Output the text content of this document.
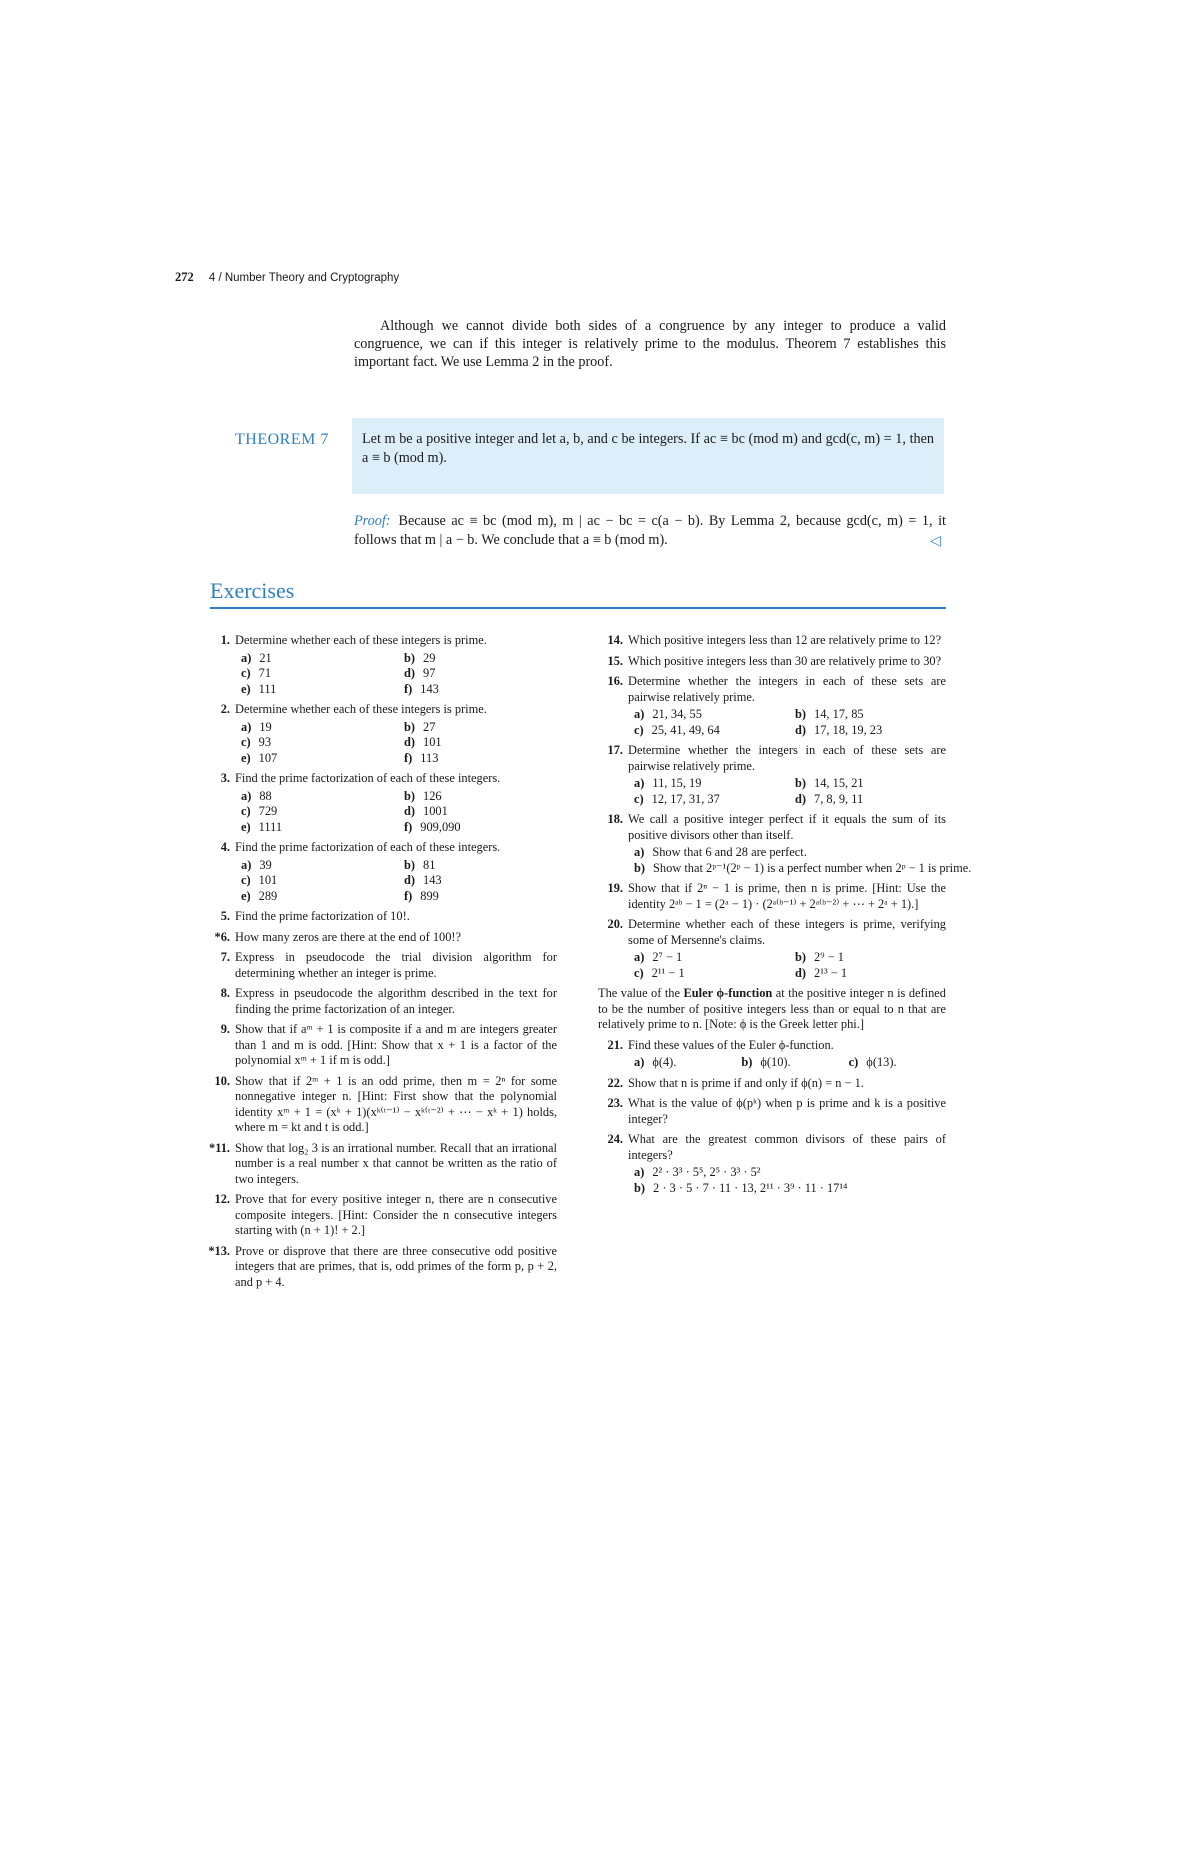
272 4 / Number Theory and Cryptography
Although we cannot divide both sides of a congruence by any integer to produce a valid congruence, we can if this integer is relatively prime to the modulus. Theorem 7 establishes this important fact. We use Lemma 2 in the proof.
THEOREM 7	Let m be a positive integer and let a, b, and c be integers. If ac ≡ bc (mod m) and gcd(c, m) = 1, then a ≡ b (mod m).
Proof: Because ac ≡ bc (mod m), m | ac − bc = c(a − b). By Lemma 2, because gcd(c, m) = 1, it follows that m | a − b. We conclude that a ≡ b (mod m).	◁
Exercises
1. Determine whether each of these integers is prime.
a) 21	b) 29
c) 71	d) 97
e) 111	f) 143
2. Determine whether each of these integers is prime.
a) 19	b) 27
c) 93	d) 101
e) 107	f) 113
3. Find the prime factorization of each of these integers.
a) 88	b) 126
c) 729	d) 1001
e) 1111	f) 909,090
4. Find the prime factorization of each of these integers.
a) 39	b) 81
c) 101	d) 143
e) 289	f) 899
5. Find the prime factorization of 10!.
*6. How many zeros are there at the end of 100!?
7. Express in pseudocode the trial division algorithm for determining whether an integer is prime.
8. Express in pseudocode the algorithm described in the text for finding the prime factorization of an integer.
9. Show that if aᵐ + 1 is composite if a and m are integers greater than 1 and m is odd. [Hint: Show that x + 1 is a factor of the polynomial xᵐ + 1 if m is odd.]
10. Show that if 2ᵐ + 1 is an odd prime, then m = 2ⁿ for some nonnegative integer n. [Hint: First show that the polynomial identity xᵐ + 1 = (xᵏ + 1)(xᵏ⁽ᵗ⁻¹⁾ − xᵏ⁽ᵗ⁻²⁾ + ⋯ − xᵏ + 1) holds, where m = kt and t is odd.]
*11. Show that log₂ 3 is an irrational number. Recall that an irrational number is a real number x that cannot be written as the ratio of two integers.
12. Prove that for every positive integer n, there are n consecutive composite integers. [Hint: Consider the n consecutive integers starting with (n + 1)! + 2.]
*13. Prove or disprove that there are three consecutive odd positive integers that are primes, that is, odd primes of the form p, p + 2, and p + 4.
14. Which positive integers less than 12 are relatively prime to 12?
15. Which positive integers less than 30 are relatively prime to 30?
16. Determine whether the integers in each of these sets are pairwise relatively prime.
a) 21, 34, 55	b) 14, 17, 85
c) 25, 41, 49, 64	d) 17, 18, 19, 23
17. Determine whether the integers in each of these sets are pairwise relatively prime.
a) 11, 15, 19	b) 14, 15, 21
c) 12, 17, 31, 37	d) 7, 8, 9, 11
18. We call a positive integer perfect if it equals the sum of its positive divisors other than itself.
a) Show that 6 and 28 are perfect.
b) Show that 2ᵖ⁻¹(2ᵖ − 1) is a perfect number when 2ᵖ − 1 is prime.
19. Show that if 2ⁿ − 1 is prime, then n is prime. [Hint: Use the identity 2ᵃᵇ − 1 = (2ᵃ − 1) · (2ᵃ⁽ᵇ⁻¹⁾ + 2ᵃ⁽ᵇ⁻²⁾ + ⋯ + 2ᵃ + 1).]
20. Determine whether each of these integers is prime, verifying some of Mersenne's claims.
a) 2⁷ − 1	b) 2⁹ − 1
c) 2¹¹ − 1	d) 2¹³ − 1
The value of the Euler ϕ-function at the positive integer n is defined to be the number of positive integers less than or equal to n that are relatively prime to n. [Note: ϕ is the Greek letter phi.]
21. Find these values of the Euler ϕ-function.
a) ϕ(4).	b) ϕ(10).	c) ϕ(13).
22. Show that n is prime if and only if ϕ(n) = n − 1.
23. What is the value of ϕ(pᵏ) when p is prime and k is a positive integer?
24. What are the greatest common divisors of these pairs of integers?
a) 2² · 3³ · 5⁵, 2⁵ · 3³ · 5²
b) 2 · 3 · 5 · 7 · 11 · 13, 2¹¹ · 3⁹ · 11 · 17¹⁴
